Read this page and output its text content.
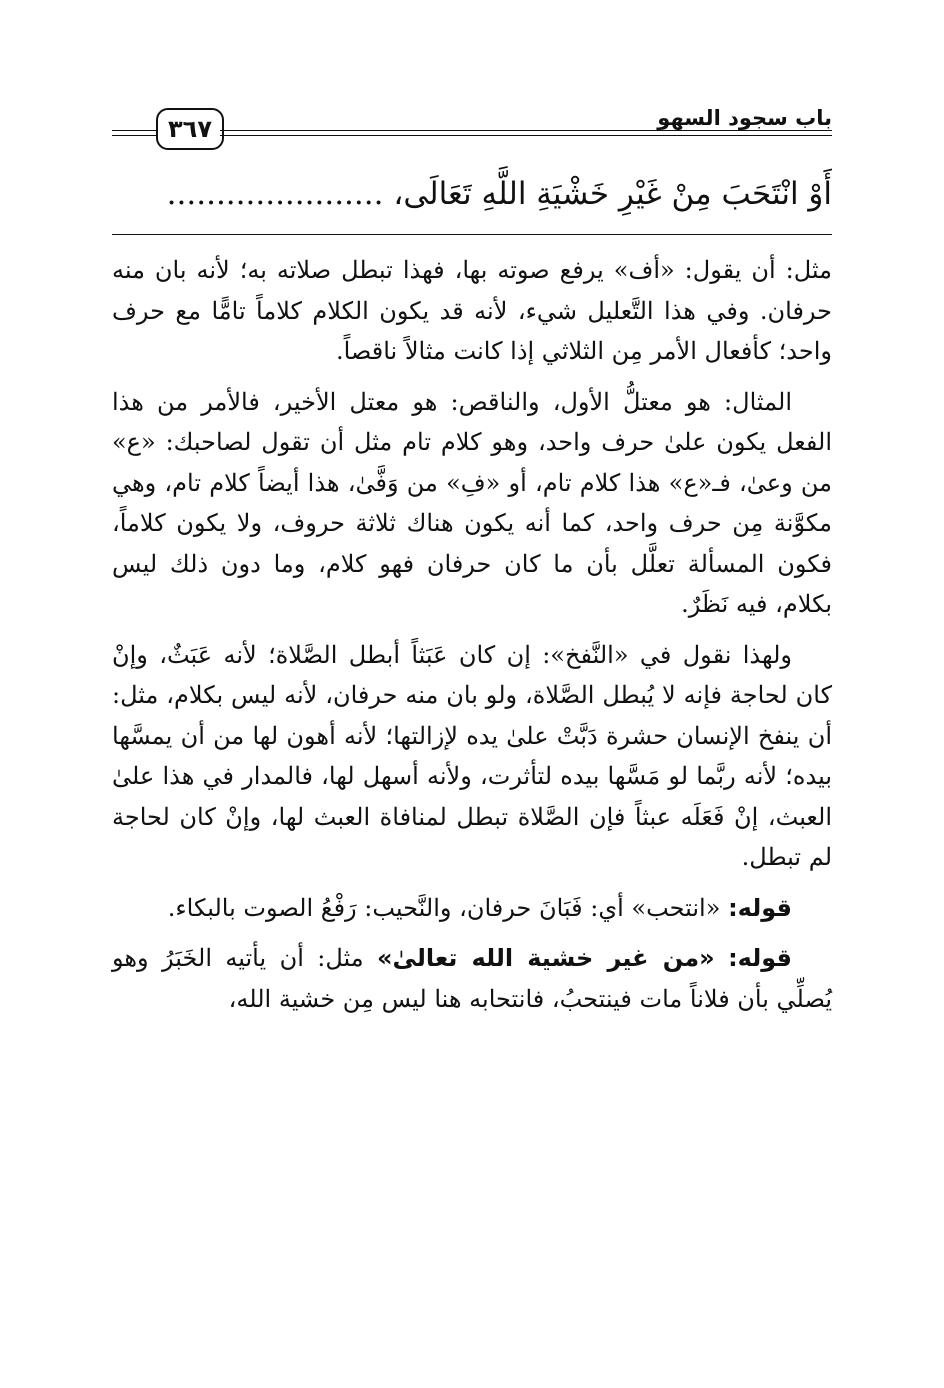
باب سجود السهو
٣٦٧
أَوْ انْتَحَبَ مِنْ غَيْرِ خَشْيَةِ اللَّهِ تَعَالَى، ......................

مثل: أن يقول: «أف» يرفع صوته بها، فهذا تبطل صلاته به؛ لأنه بان منه حرفان. وفي هذا التَّعليل شيء، لأنه قد يكون الكلام كلاماً تامًّا مع حرف واحد؛ كأفعال الأمر مِن الثلاثي إذا كانت مثالاً ناقصاً.

المثال: هو معتلُّ الأول، والناقص: هو معتل الأخير، فالأمر من هذا الفعل يكون علىٰ حرف واحد، وهو كلام تام مثل أن تقول لصاحبك: «ع» من وعىٰ، فـ«ع» هذا كلام تام، أو «فِ» من وَفَّىٰ، هذا أيضاً كلام تام، وهي مكوَّنة مِن حرف واحد، كما أنه يكون هناك ثلاثة حروف، ولا يكون كلاماً، فكون المسألة تعلَّل بأن ما كان حرفان فهو كلام، وما دون ذلك ليس بكلام، فيه نَظَرٌ.

ولهذا نقول في «النَّفخ»: إن كان عَبَثاً أبطل الصَّلاة؛ لأنه عَبَثٌ، وإنْ كان لحاجة فإنه لا يُبطل الصَّلاة، ولو بان منه حرفان، لأنه ليس بكلام، مثل: أن ينفخ الإنسان حشرة دَبَّتْ علىٰ يده لإزالتها؛ لأنه أهون لها من أن يمسَّها بيده؛ لأنه ربَّما لو مَسَّها بيده لتأثرت، ولأنه أسهل لها، فالمدار في هذا علىٰ العبث، إنْ فَعَلَه عبثاً فإن الصَّلاة تبطل لمنافاة العبث لها، وإنْ كان لحاجة لم تبطل.

قوله: «انتحب» أي: فَبَانَ حرفان، والنَّحيب: رَفْعُ الصوت بالبكاء.

قوله: «من غير خشية الله تعالىٰ» مثل: أن يأتيه الخَبَرُ وهو يُصلِّي بأن فلاناً مات فينتحبُ، فانتحابه هنا ليس مِن خشية الله،
